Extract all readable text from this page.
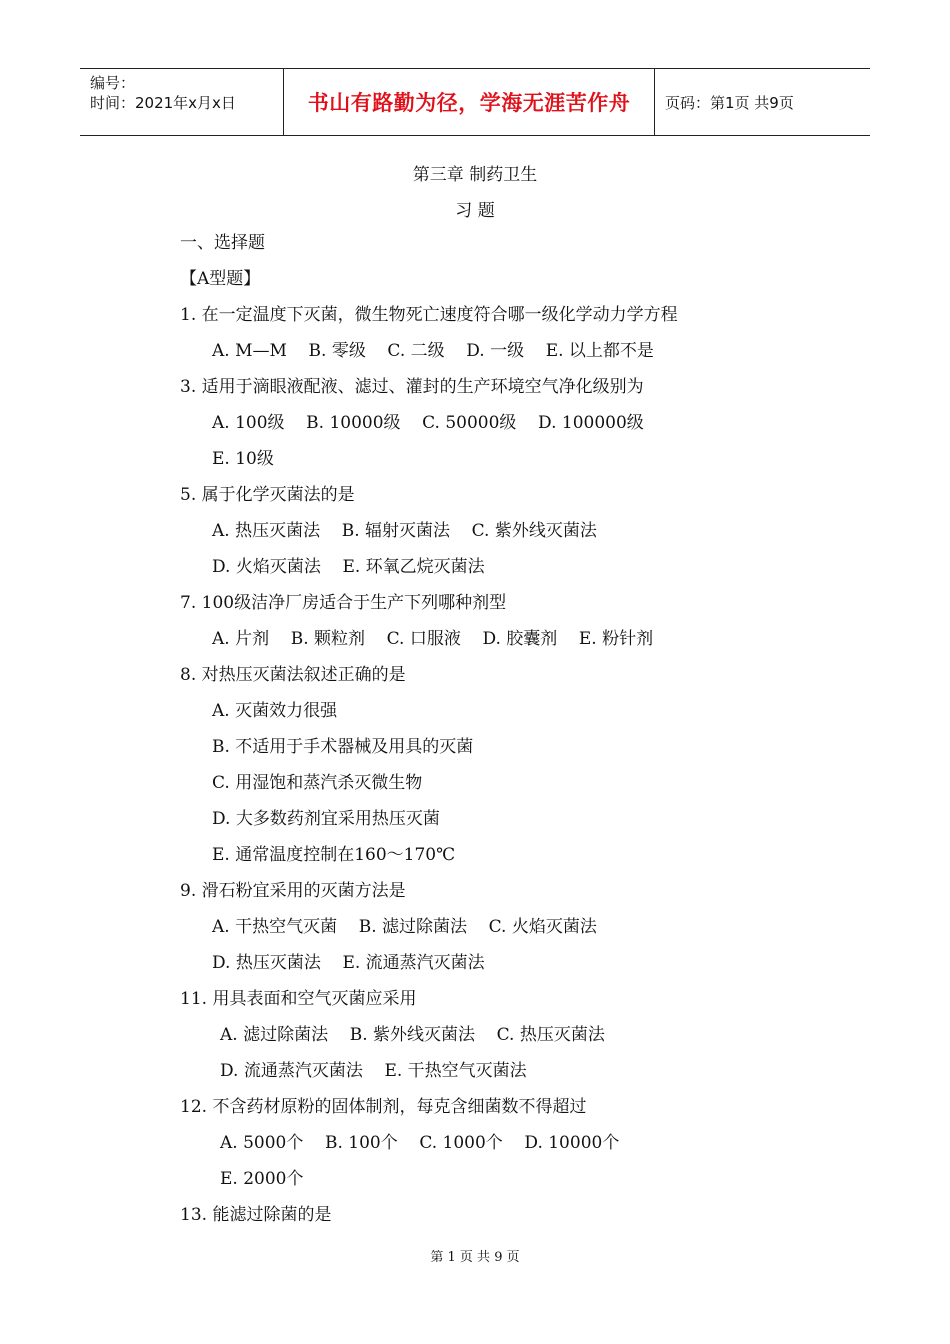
编号：
时间：2021年x月x日	书山有路勤为径，学海无涯苦作舟	页码：第1页 共9页
第三章 制药卫生
习 题
一、选择题
【A型题】
1. 在一定温度下灭菌，微生物死亡速度符合哪一级化学动力学方程
A. M—M    B. 零级    C. 二级    D. 一级    E. 以上都不是
3. 适用于滴眼液配液、滤过、灌封的生产环境空气净化级别为
A. 100级    B. 10000级    C. 50000级    D. 100000级
E. 10级
5. 属于化学灭菌法的是
A. 热压灭菌法    B. 辐射灭菌法    C. 紫外线灭菌法
D. 火焰灭菌法    E. 环氧乙烷灭菌法
7. 100级洁净厂房适合于生产下列哪种剂型
A. 片剂    B. 颗粒剂    C. 口服液    D. 胶囊剂    E. 粉针剂
8. 对热压灭菌法叙述正确的是
A. 灭菌效力很强
B. 不适用于手术器械及用具的灭菌
C. 用湿饱和蒸汽杀灭微生物
D. 大多数药剂宜采用热压灭菌
E. 通常温度控制在160～170℃
9. 滑石粉宜采用的灭菌方法是
A. 干热空气灭菌    B. 滤过除菌法    C. 火焰灭菌法
D. 热压灭菌法    E. 流通蒸汽灭菌法
11. 用具表面和空气灭菌应采用
A. 滤过除菌法    B. 紫外线灭菌法    C. 热压灭菌法
D. 流通蒸汽灭菌法    E. 干热空气灭菌法
12. 不含药材原粉的固体制剂，每克含细菌数不得超过
A. 5000个    B. 100个    C. 1000个    D. 10000个
E. 2000个
13. 能滤过除菌的是
第 1 页 共 9 页
